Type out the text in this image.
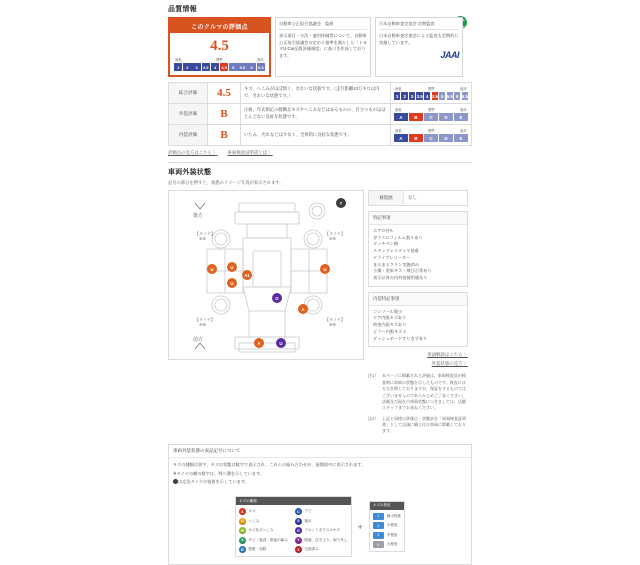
品質情報
このクルマの評価点
4.5
最低	標準	最高
1	2	3	3.5	4	4.5	5	5.5	6	6.5
自動車公正取引協議会　監修
表示項目・方法・運用体制等について、自動車公正取引協議会の定める基準を満たした「トヨタU-Car品質評価制度」に基づき作成しております。
日本自動車査定協会 定期監査
日本自動車査定協会による監査も定期的に実施しています。
JAAI
総合評価	4.5	キズ、へこみがほぼ無く、きれいな状態です。（走行距離10万キロ以内で、きれいな状態です。）	
最低	標準	最高
1	2	3 3.5 4 4.5 5 5.5 6 6.5

外装評価	B	圧痕、年式相応の軽微なキズやへこみなどはあるものの、目立つものはほとんどない良好な状態です。	
最低	標準	最高
A	B	C	D	E

内装評価	B	いたみ、汚れなどは少なく、全体的に良好な状態です。	
最低	標準	最高
A	B	C	D	E
評価点の見方はこちら 〉 車両検査証明書とは 〉
車両外装状態
記号の部分を押すと、状態のイメージ写真が表示されます。
後方
前方
【タイヤ】
⑥⑥
【タイヤ】
⑥⑥
【タイヤ】
⑥⑥
【タイヤ】
⑥⑥
T
U	U
A1
U
U
G
A
A	U
修復歴	なし
特記事項
エアロ付A
ガラスにフィルム張りあり
タッチペン跡
スタッドレスタイヤ装着
ドライブレコーダー
まるまるクリン実施済み
小傷・洗車キズ・飛び石等あり
表示以外の内外装使用感あり
内装特記事項
コンソール傷小
ドア内張キズあり
荷室内張キズあり
ピラー内張キズ小
ダッシュボードすりきずあり
用語解説はこちら 〉
外装状態の見方 〉

注1） 本ページに掲載された評価は、車両検査員が検査時に車両の状態を示したものです。検査には万全を期しておりますが、保証をするものではございませんのであらかじめご了承ください。詳細及び現在の車両状態につきましては、店舗スタッフまでお尋ねください。

注2） 上記と同様の評価点・状態表を「車両検査証明書」として店頭に備え付け車両に掲載しております。

車両外装状態の表記記号について

キズの種類は英字、キズの状態は数字で表示され、これらの組み合わせが、展開図中に表示されます。

※タイヤの横の数字は、残り溝を示しています。

は応急タイヤの装着を示しています。

キズの種類
A	キズ
U	へこみ
W	キズ及びヘこみ
X	サビ・腐食・塗装の痛み
B	修復・加修
C	アビ
S	割れ
G	フロントガラスのキズ
Y	脱落、浮き上り、取り外し
X	交換済み
+
キズの程度
1	極小程度
2	小程度
3	中程度
4	大程度
